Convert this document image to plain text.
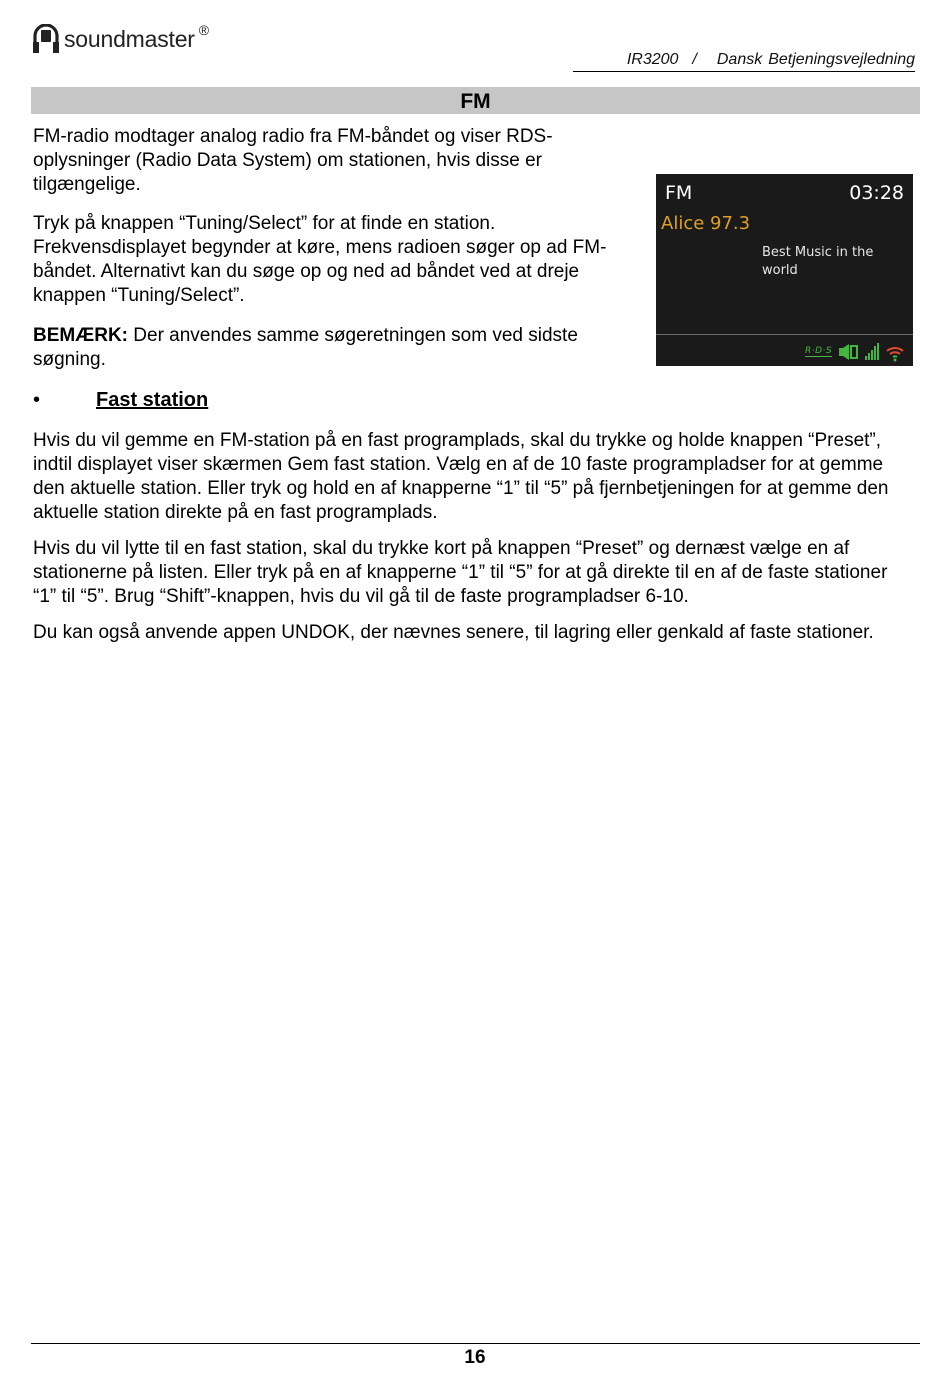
soundmaster ®
IR3200 / Dansk Betjeningsvejledning
FM

FM-radio modtager analog radio fra FM-båndet og viser RDS-oplysninger (Radio Data System) om stationen, hvis disse er tilgængelige.

Tryk på knappen “Tuning/Select” for at finde en station. Frekvensdisplayet begynder at køre, mens radioen søger op ad FM-båndet. Alternativt kan du søge op og ned ad båndet ved at dreje knappen “Tuning/Select”.

BEMÆRK: Der anvendes samme søgeretningen som ved sidste søgning.

FM	03:28
Alice 97.3
Best Music in the world
R·D·S
•	Fast station

Hvis du vil gemme en FM-station på en fast programplads, skal du trykke og holde knappen “Preset”, indtil displayet viser skærmen Gem fast station. Vælg en af de 10 faste programpladser for at gemme den aktuelle station. Eller tryk og hold en af knapperne “1” til “5” på fjernbetjeningen for at gemme den aktuelle station direkte på en fast programplads.

Hvis du vil lytte til en fast station, skal du trykke kort på knappen “Preset” og dernæst vælge en af stationerne på listen. Eller tryk på en af knapperne “1” til “5” for at gå direkte til en af de faste stationer “1” til “5”. Brug “Shift”-knappen, hvis du vil gå til de faste programpladser 6-10.

Du kan også anvende appen UNDOK, der nævnes senere, til lagring eller genkald af faste stationer.

16
